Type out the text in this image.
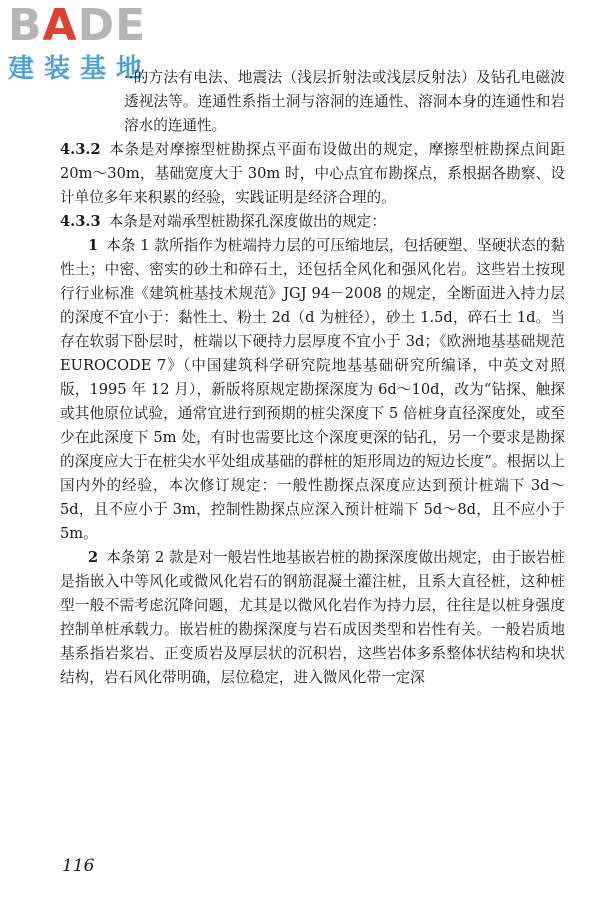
BADE
建装基地

··的方法有电法、地震法（浅层折射法或浅层反射法）及钻孔电磁波透视法等。连通性系指土洞与溶洞的连通性、溶洞本身的连通性和岩溶水的连通性。

4.3.2 本条是对摩擦型桩勘探点平面布设做出的规定，摩擦型桩勘探点间距 20m～30m，基础宽度大于 30m 时，中心点宜布勘探点，系根据各勘察、设计单位多年来积累的经验，实践证明是经济合理的。

4.3.3 本条是对端承型桩勘探孔深度做出的规定：

1 本条 1 款所指作为桩端持力层的可压缩地层，包括硬塑、坚硬状态的黏性土；中密、密实的砂土和碎石土，还包括全风化和强风化岩。这些岩土按现行行业标准《建筑桩基技术规范》JGJ 94－2008 的规定，全断面进入持力层的深度不宜小于：黏性土、粉土 2d（d 为桩径），砂土 1.5d，碎石土 1d。当存在软弱下卧层时，桩端以下硬持力层厚度不宜小于 3d；《欧洲地基基础规范 EUROCODE 7》（中国建筑科学研究院地基基础研究所编译，中英文对照版，1995 年 12 月），新版将原规定勘探深度为 6d～10d，改为“钻探、触探或其他原位试验，通常宜进行到预期的桩尖深度下 5 倍桩身直径深度处，或至少在此深度下 5m 处，有时也需要比这个深度更深的钻孔，另一个要求是勘探的深度应大于在桩尖水平处组成基础的群桩的矩形周边的短边长度”。根据以上国内外的经验，本次修订规定：一般性勘探点深度应达到预计桩端下 3d～5d，且不应小于 3m，控制性勘探点应深入预计桩端下 5d～8d，且不应小于 5m。

2 本条第 2 款是对一般岩性地基嵌岩桩的勘探深度做出规定，由于嵌岩桩是指嵌入中等风化或微风化岩石的钢筋混凝土灌注桩，且系大直径桩，这种桩型一般不需考虑沉降问题，尤其是以微风化岩作为持力层，往往是以桩身强度控制单桩承载力。嵌岩桩的勘探深度与岩石成因类型和岩性有关。一般岩质地基系指岩浆岩、正变质岩及厚层状的沉积岩，这些岩体多系整体状结构和块状结构，岩石风化带明确，层位稳定，进入微风化带一定深

116
